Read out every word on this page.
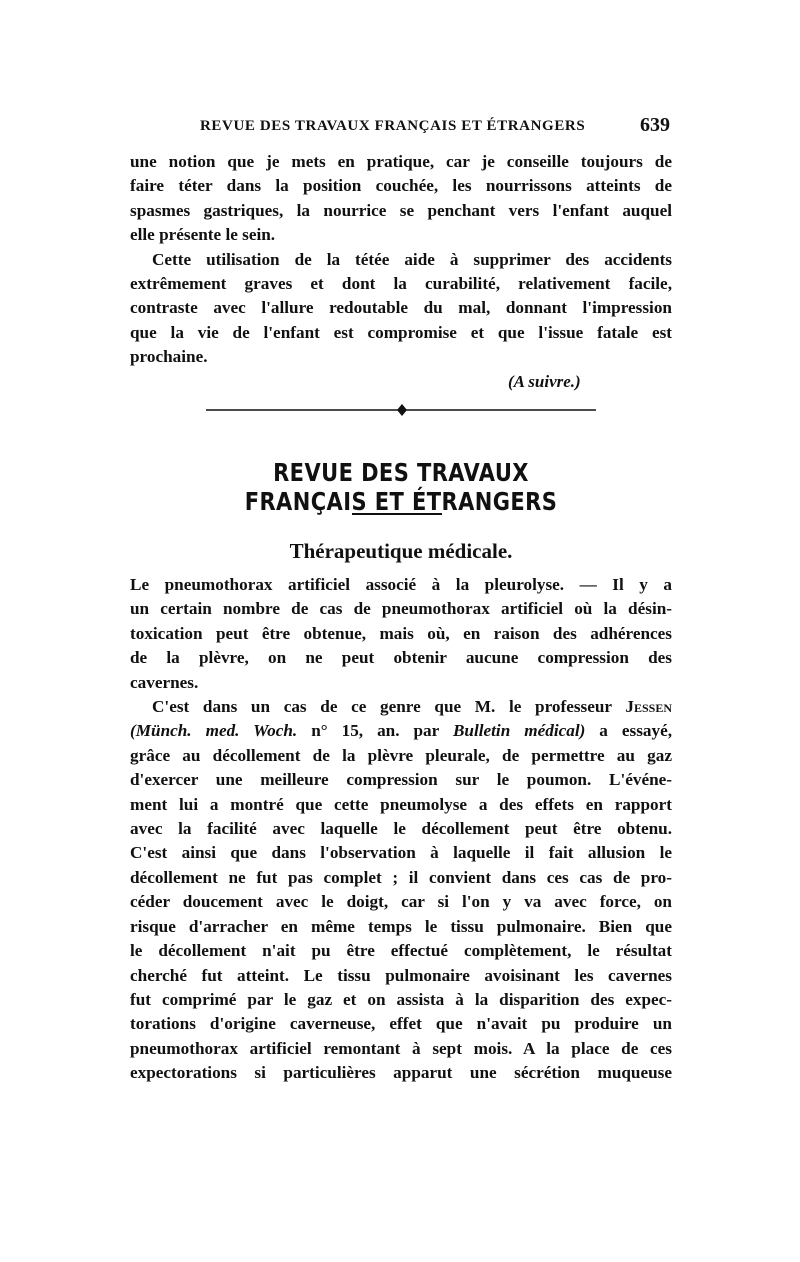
REVUE DES TRAVAUX FRANÇAIS ET ÉTRANGERS	639
une notion que je mets en pratique, car je conseille toujours de
faire téter dans la position couchée, les nourrissons atteints de
spasmes gastriques, la nourrice se penchant vers l'enfant auquel
elle présente le sein.
Cette utilisation de la tétée aide à supprimer des accidents
extrêmement graves et dont la curabilité, relativement facile,
contraste avec l'allure redoutable du mal, donnant l'impression
que la vie de l'enfant est compromise et que l'issue fatale est
prochaine.
(A suivre.)
REVUE DES TRAVAUX FRANÇAIS ET ÉTRANGERS
Thérapeutique médicale.
Le pneumothorax artificiel associé à la pleurolyse. — Il y a
un certain nombre de cas de pneumothorax artificiel où la désin-
toxication peut être obtenue, mais où, en raison des adhérences
de la plèvre, on ne peut obtenir aucune compression des
cavernes.
C'est dans un cas de ce genre que M. le professeur Jessen
(Münch. med. Woch. n° 15, an. par Bulletin médical) a essayé,
grâce au décollement de la plèvre pleurale, de permettre au gaz
d'exercer une meilleure compression sur le poumon. L'événe-
ment lui a montré que cette pneumolyse a des effets en rapport
avec la facilité avec laquelle le décollement peut être obtenu.
C'est ainsi que dans l'observation à laquelle il fait allusion le
décollement ne fut pas complet ; il convient dans ces cas de pro-
céder doucement avec le doigt, car si l'on y va avec force, on
risque d'arracher en même temps le tissu pulmonaire. Bien que
le décollement n'ait pu être effectué complètement, le résultat
cherché fut atteint. Le tissu pulmonaire avoisinant les cavernes
fut comprimé par le gaz et on assista à la disparition des expec-
torations d'origine caverneuse, effet que n'avait pu produire un
pneumothorax artificiel remontant à sept mois. A la place de ces
expectorations si particulières apparut une sécrétion muqueuse
